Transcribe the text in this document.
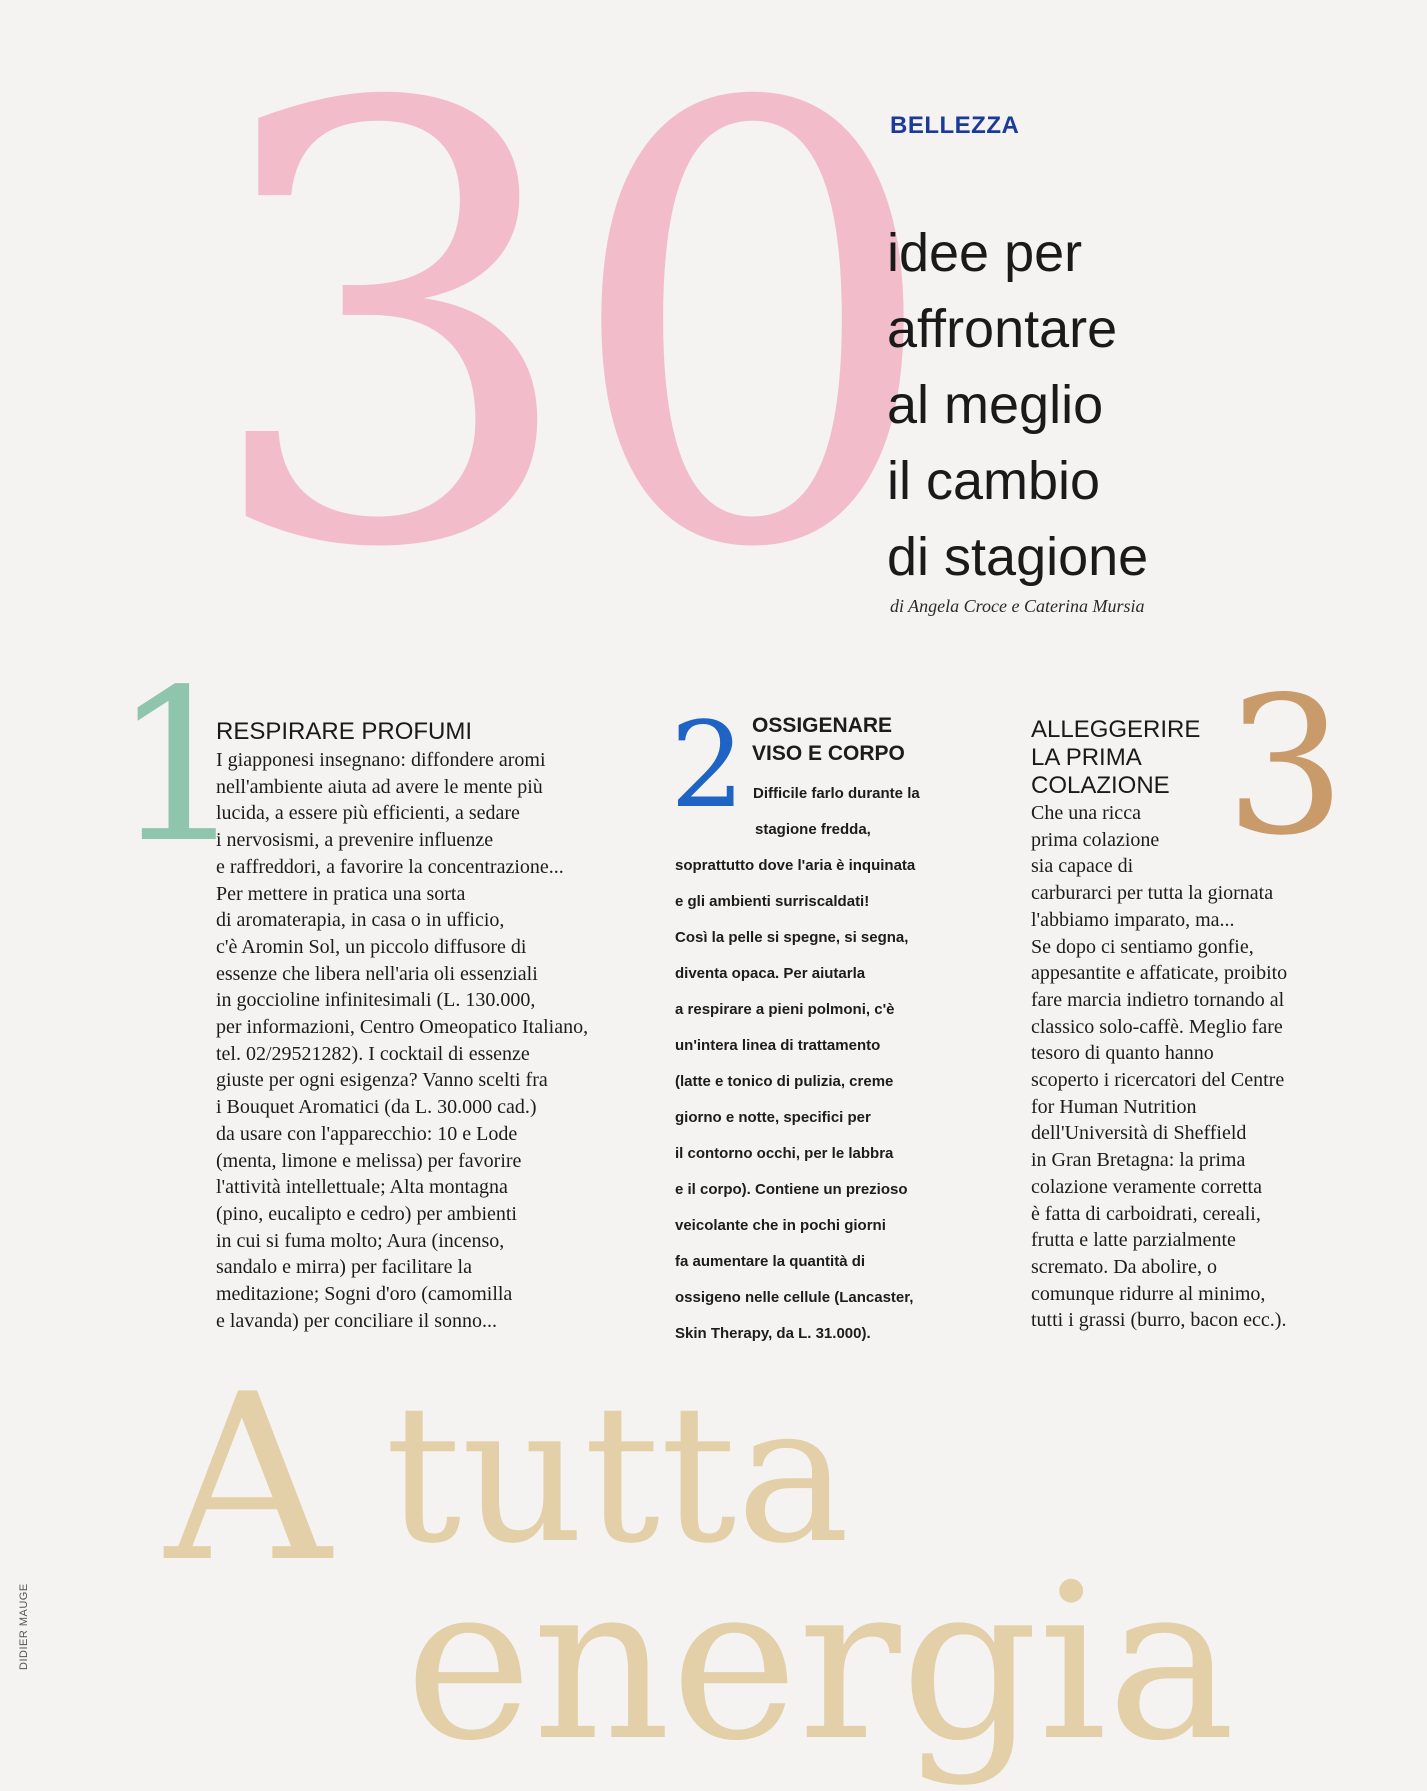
30
BELLEZZA
idee per
affrontare
al meglio
il cambio
di stagione
di Angela Croce e Caterina Mursia
1
RESPIRARE PROFUMI
I giapponesi insegnano: diffondere aromi
nell'ambiente aiuta ad avere le mente più
lucida, a essere più efficienti, a sedare
i nervosismi, a prevenire influenze
e raffreddori, a favorire la concentrazione...
Per mettere in pratica una sorta
di aromaterapia, in casa o in ufficio,
c'è Aromin Sol, un piccolo diffusore di
essenze che libera nell'aria oli essenziali
in goccioline infinitesimali (L. 130.000,
per informazioni, Centro Omeopatico Italiano,
tel. 02/29521282). I cocktail di essenze
giuste per ogni esigenza? Vanno scelti fra
i Bouquet Aromatici (da L. 30.000 cad.)
da usare con l'apparecchio: 10 e Lode
(menta, limone e melissa) per favorire
l'attività intellettuale; Alta montagna
(pino, eucalipto e cedro) per ambienti
in cui si fuma molto; Aura (incenso,
sandalo e mirra) per facilitare la
meditazione; Sogni d'oro (camomilla
e lavanda) per conciliare il sonno...
2 OSSIGENARE
VISO E CORPO
Difficile farlo durante la
stagione fredda,
soprattutto dove l'aria è inquinata
e gli ambienti surriscaldati!
Così la pelle si spegne, si segna,
diventa opaca. Per aiutarla
a respirare a pieni polmoni, c'è
un'intera linea di trattamento
(latte e tonico di pulizia, creme
giorno e notte, specifici per
il contorno occhi, per le labbra
e il corpo). Contiene un prezioso
veicolante che in pochi giorni
fa aumentare la quantità di
ossigeno nelle cellule (Lancaster,
Skin Therapy, da L. 31.000).
3
ALLEGGERIRE
LA PRIMA
COLAZIONE
Che una ricca
prima colazione
sia capace di
carburarci per tutta la giornata
l'abbiamo imparato, ma...
Se dopo ci sentiamo gonfie,
appesantite e affaticate, proibito
fare marcia indietro tornando al
classico solo-caffè. Meglio fare
tesoro di quanto hanno
scoperto i ricercatori del Centre
for Human Nutrition
dell'Università di Sheffield
in Gran Bretagna: la prima
colazione veramente corretta
è fatta di carboidrati, cereali,
frutta e latte parzialmente
scremato. Da abolire, o
comunque ridurre al minimo,
tutti i grassi (burro, bacon ecc.).
A tutta
energia
DIDIER MAUGE
